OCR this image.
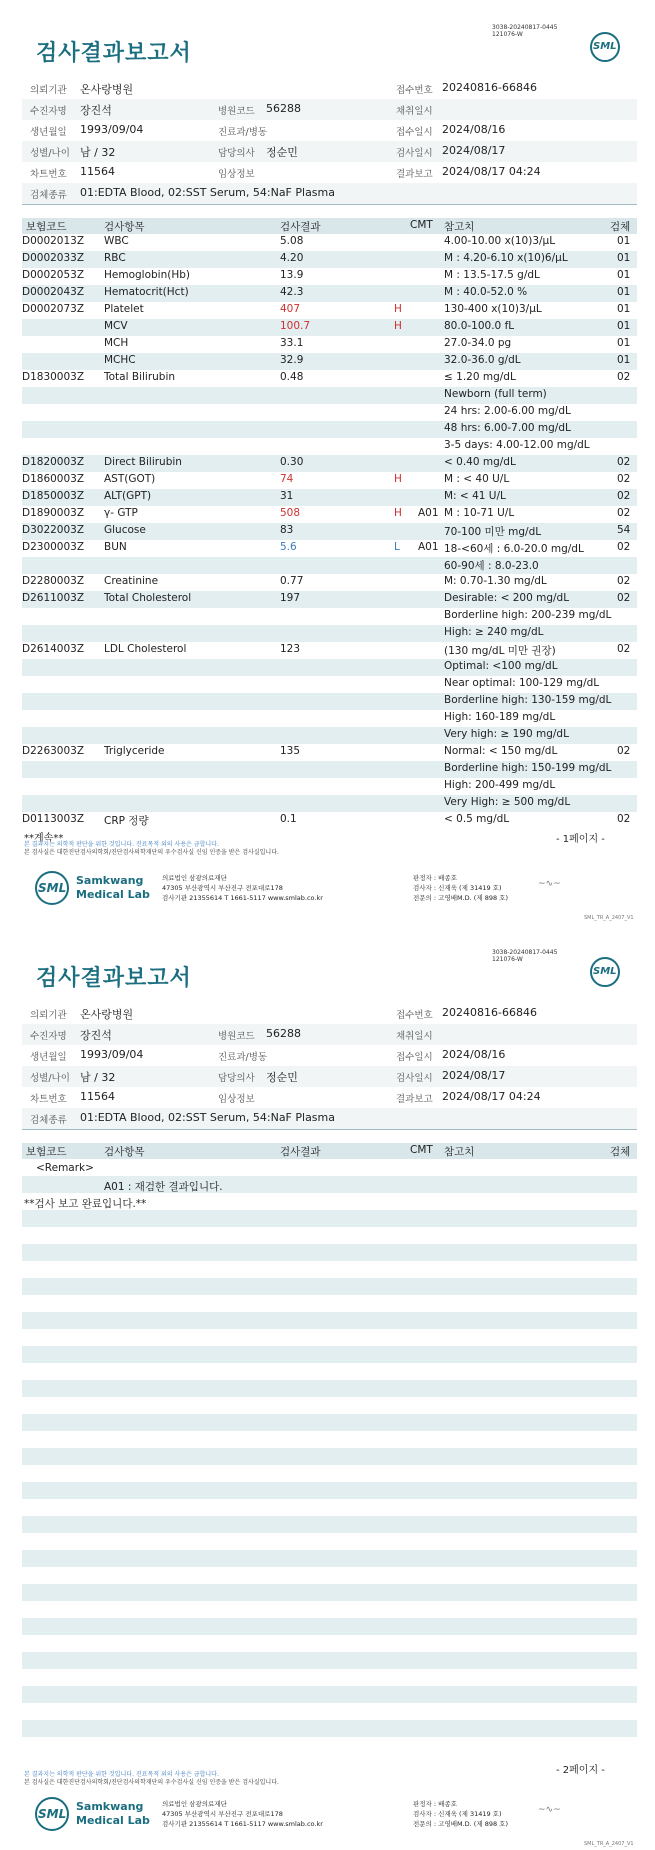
3038-20240817-0445
121076-W
검사결과보고서	SML
의뢰기관 온사랑병원	접수번호 20240816-66846
수진자명 장진석	병원코드 56288	채취일시
생년월일 1993/09/04	진료과/병동	접수일시 2024/08/16
성별/나이 남 / 32	담당의사 정순민	검사일시 2024/08/17
차트번호 11564	임상정보	결과보고 2024/08/17 04:24
검체종류 01:EDTA Blood, 02:SST Serum, 54:NaF Plasma
보험코드	검사항목	검사결과	CMT 참고치	검체
D0002013Z WBC	5.08	4.00-10.00 x(10)3/μL	01
D0002033Z RBC	4.20	M : 4.20-6.10 x(10)6/μL	01
D0002053Z Hemoglobin(Hb)	13.9	M : 13.5-17.5 g/dL	01
D0002043Z Hematocrit(Hct)	42.3	M : 40.0-52.0 %	01
D0002073Z Platelet	407	H	130-400 x(10)3/μL	01
MCV	100.7	H	80.0-100.0 fL	01
MCH	33.1	27.0-34.0 pg	01
MCHC	32.9	32.0-36.0 g/dL	01
D1830003Z Total Bilirubin	0.48	≤ 1.20 mg/dL	02
Newborn (full term)
24 hrs: 2.00-6.00 mg/dL
48 hrs: 6.00-7.00 mg/dL
3-5 days: 4.00-12.00 mg/dL
D1820003Z Direct Bilirubin	0.30	< 0.40 mg/dL	02
D1860003Z AST(GOT)	74	H	M : < 40 U/L	02
D1850003Z ALT(GPT)	31	M: < 41 U/L	02
D1890003Z γ- GTP	508	H A01 M : 10-71 U/L	02
D3022003Z Glucose	83	70-100 미만 mg/dL	54
D2300003Z BUN	5.6	L A01 18-<60세 : 6.0-20.0 mg/dL	02
60-90세 : 8.0-23.0
D2280003Z Creatinine	0.77	M: 0.70-1.30 mg/dL	02
D2611003Z Total Cholesterol	197	Desirable: < 200 mg/dL	02
Borderline high: 200-239 mg/dL
High: ≥ 240 mg/dL
D2614003Z LDL Cholesterol	123	(130 mg/dL 미만 권장)	02
Optimal: <100 mg/dL
Near optimal: 100-129 mg/dL
Borderline high: 130-159 mg/dL
High: 160-189 mg/dL
Very high: ≥ 190 mg/dL
D2263003Z Triglyceride	135	Normal: < 150 mg/dL	02
Borderline high: 150-199 mg/dL
High: 200-499 mg/dL
Very High: ≥ 500 mg/dL
D0113003Z CRP 정량	0.1	< 0.5 mg/dL	02
**계속**	- 1페이지 -
본 결과지는 의학적 판단을 위한 것입니다. 진료목적 외의 사용은 금합니다.
본 검사실은 대한진단검사의학회/진단검사의학재단의 우수검사실 신임 인증을 받은 검사실입니다.
SML
Samkwang
Medical Lab
의료법인 삼광의료재단
47305 부산광역시 부산진구 전포대로178
검사기관 21355614 T 1661-5117 www.smlab.co.kr
판정자 : 배종호
검사자 : 신재욱 (제 31419 호)
전문의 : 고영배M.D. (제 898 호)
~∿~
SML_TR_A_2407_V1
3038-20240817-0445
121076-W
검사결과보고서	SML
의뢰기관 온사랑병원	접수번호 20240816-66846
수진자명 장진석	병원코드 56288	채취일시
생년월일 1993/09/04	진료과/병동	접수일시 2024/08/16
성별/나이 남 / 32	담당의사 정순민	검사일시 2024/08/17
차트번호 11564	임상정보	결과보고 2024/08/17 04:24
검체종류 01:EDTA Blood, 02:SST Serum, 54:NaF Plasma
보험코드	검사항목	검사결과	CMT 참고치	검체
<Remark>
A01 : 재검한 결과입니다.
**검사 보고 완료입니다.**
- 2페이지 -
본 결과지는 의학적 판단을 위한 것입니다. 진료목적 외의 사용은 금합니다.
본 검사실은 대한진단검사의학회/진단검사의학재단의 우수검사실 신임 인증을 받은 검사실입니다.
SML
Samkwang
Medical Lab
의료법인 삼광의료재단
47305 부산광역시 부산진구 전포대로178
검사기관 21355614 T 1661-5117 www.smlab.co.kr
판정자 : 배종호
검사자 : 신재욱 (제 31419 호)
전문의 : 고영배M.D. (제 898 호)
~∿~
SML_TR_A_2407_V1
